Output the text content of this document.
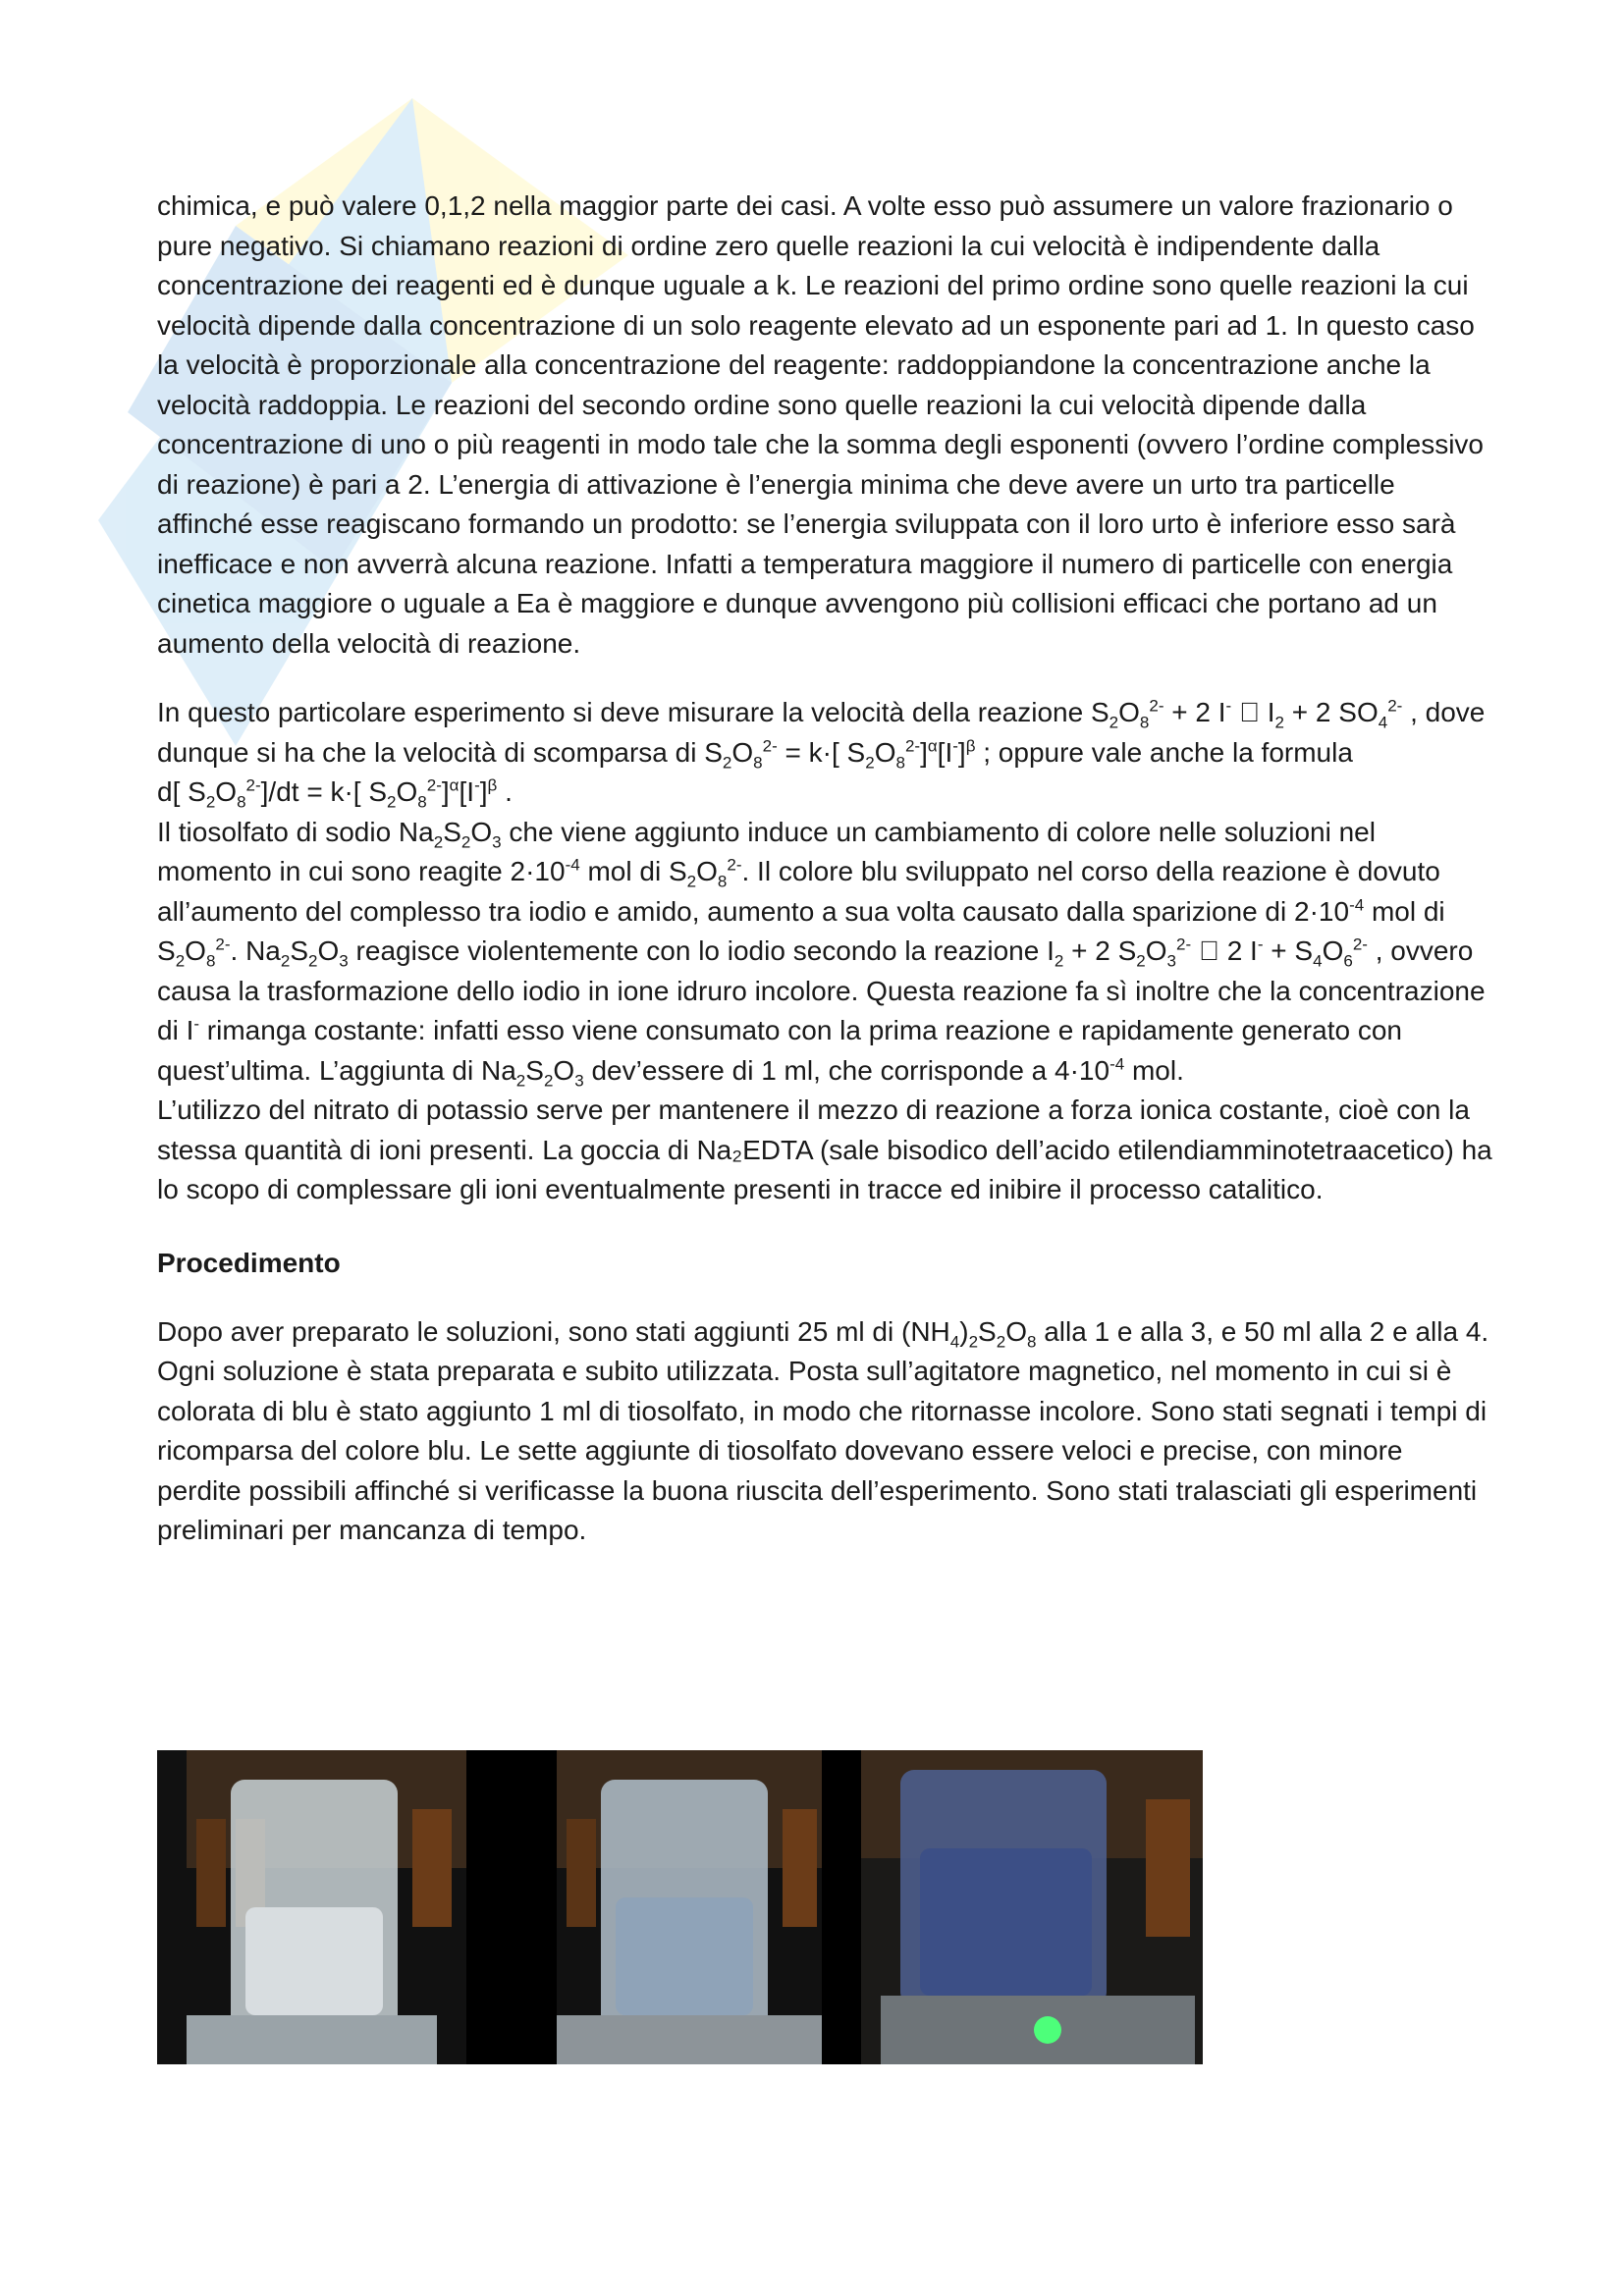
chimica, e può valere 0,1,2 nella maggior parte dei casi. A volte esso può assumere un valore frazionario o pure negativo. Si chiamano reazioni di ordine zero quelle reazioni la cui velocità è indipendente dalla concentrazione dei reagenti ed è dunque uguale a k. Le reazioni del primo ordine sono quelle reazioni la cui velocità dipende dalla concentrazione di un solo reagente elevato ad un esponente pari ad 1. In questo caso la velocità è proporzionale alla concentrazione del reagente: raddoppiandone la concentrazione anche la velocità raddoppia. Le reazioni del secondo ordine sono quelle reazioni la cui velocità dipende dalla concentrazione di uno o più reagenti in modo tale che la somma degli esponenti (ovvero l’ordine complessivo di reazione) è pari a 2. L’energia di attivazione è l’energia minima che deve avere un urto tra particelle affinché esse reagiscano formando un prodotto: se l’energia sviluppata con il loro urto è inferiore esso sarà inefficace e non avverrà alcuna reazione. Infatti a temperatura maggiore il numero di particelle con energia cinetica maggiore o uguale a Ea è maggiore e dunque avvengono più collisioni efficaci che portano ad un aumento della velocità di reazione.

In questo particolare esperimento si deve misurare la velocità della reazione $S_2O_8^{2-} + 2$ I- $I_2 + 2$ $SO_4^{2-}$ , dove dunque si ha che la velocità di scomparsa di $S_2O_8^{2-} = k\cdot$[ $S_2O_8^{2-}]^\alpha[I^-]^\beta$ ; oppure vale anche la formula
d[ $S_2O_8^{2-}]/dt = k\cdot$[ $S_2O_8^{2-}]^\alpha[I^-]^\beta$ .
Il tiosolfato di sodio $Na_2S_2O_3$ che viene aggiunto induce un cambiamento di colore nelle soluzioni nel momento in cui sono reagite $2\cdot 10^{-4}$ mol di $S_2O_8^{2-}$. Il colore blu sviluppato nel corso della reazione è dovuto all’aumento del complesso tra iodio e amido, aumento a sua volta causato dalla sparizione di $2\cdot 10^{-4}$ mol di $S_2O_8^{2-}$. $Na_2S_2O_3$ reagisce violentemente con lo iodio secondo la reazione $I_2 + 2$ $S_2O_3^{2-}$ 2 $I^- + S_4O_6^{2-}$ , ovvero causa la trasformazione dello iodio in ione idruro incolore. Questa reazione fa sì inoltre che la concentrazione di I- rimanga costante: infatti esso viene consumato con la prima reazione e rapidamente generato con quest’ultima. L’aggiunta di $Na_2S_2O_3$ dev’essere di 1 ml, che corrisponde a $4\cdot 10^{-4}$ mol.
L’utilizzo del nitrato di potassio serve per mantenere il mezzo di reazione a forza ionica costante, cioè con la stessa quantità di ioni presenti. La goccia di Na₂EDTA (sale bisodico dell’acido etilendiamminotetraacetico) ha lo scopo di complessare gli ioni eventualmente presenti in tracce ed inibire il processo catalitico.

Procedimento

Dopo aver preparato le soluzioni, sono stati aggiunti 25 ml di $(NH_4)_2S_2O_8$ alla 1 e alla 3, e 50 ml alla 2 e alla 4. Ogni soluzione è stata preparata e subito utilizzata. Posta sull’agitatore magnetico, nel momento in cui si è colorata di blu è stato aggiunto 1 ml di tiosolfato, in modo che ritornasse incolore. Sono stati segnati i tempi di ricomparsa del colore blu. Le sette aggiunte di tiosolfato dovevano essere veloci e precise, con minore perdite possibili affinché si verificasse la buona riuscita dell’esperimento. Sono stati tralasciati gli esperimenti preliminari per mancanza di tempo.
